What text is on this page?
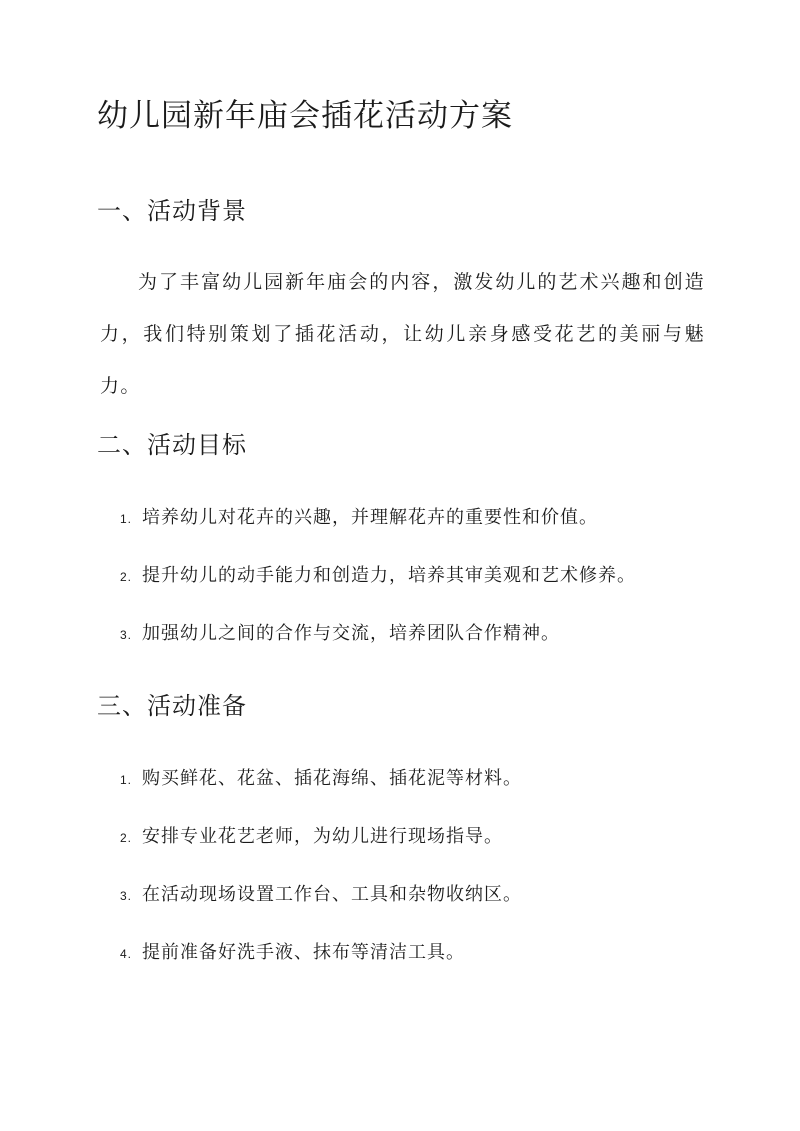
幼儿园新年庙会插花活动方案
一、活动背景

为了丰富幼儿园新年庙会的内容，激发幼儿的艺术兴趣和创造力，我们特别策划了插花活动，让幼儿亲身感受花艺的美丽与魅力。

二、活动目标
1. 培养幼儿对花卉的兴趣，并理解花卉的重要性和价值。
2. 提升幼儿的动手能力和创造力，培养其审美观和艺术修养。
3. 加强幼儿之间的合作与交流，培养团队合作精神。
三、活动准备
1. 购买鲜花、花盆、插花海绵、插花泥等材料。
2. 安排专业花艺老师，为幼儿进行现场指导。
3. 在活动现场设置工作台、工具和杂物收纳区。
4. 提前准备好洗手液、抹布等清洁工具。
